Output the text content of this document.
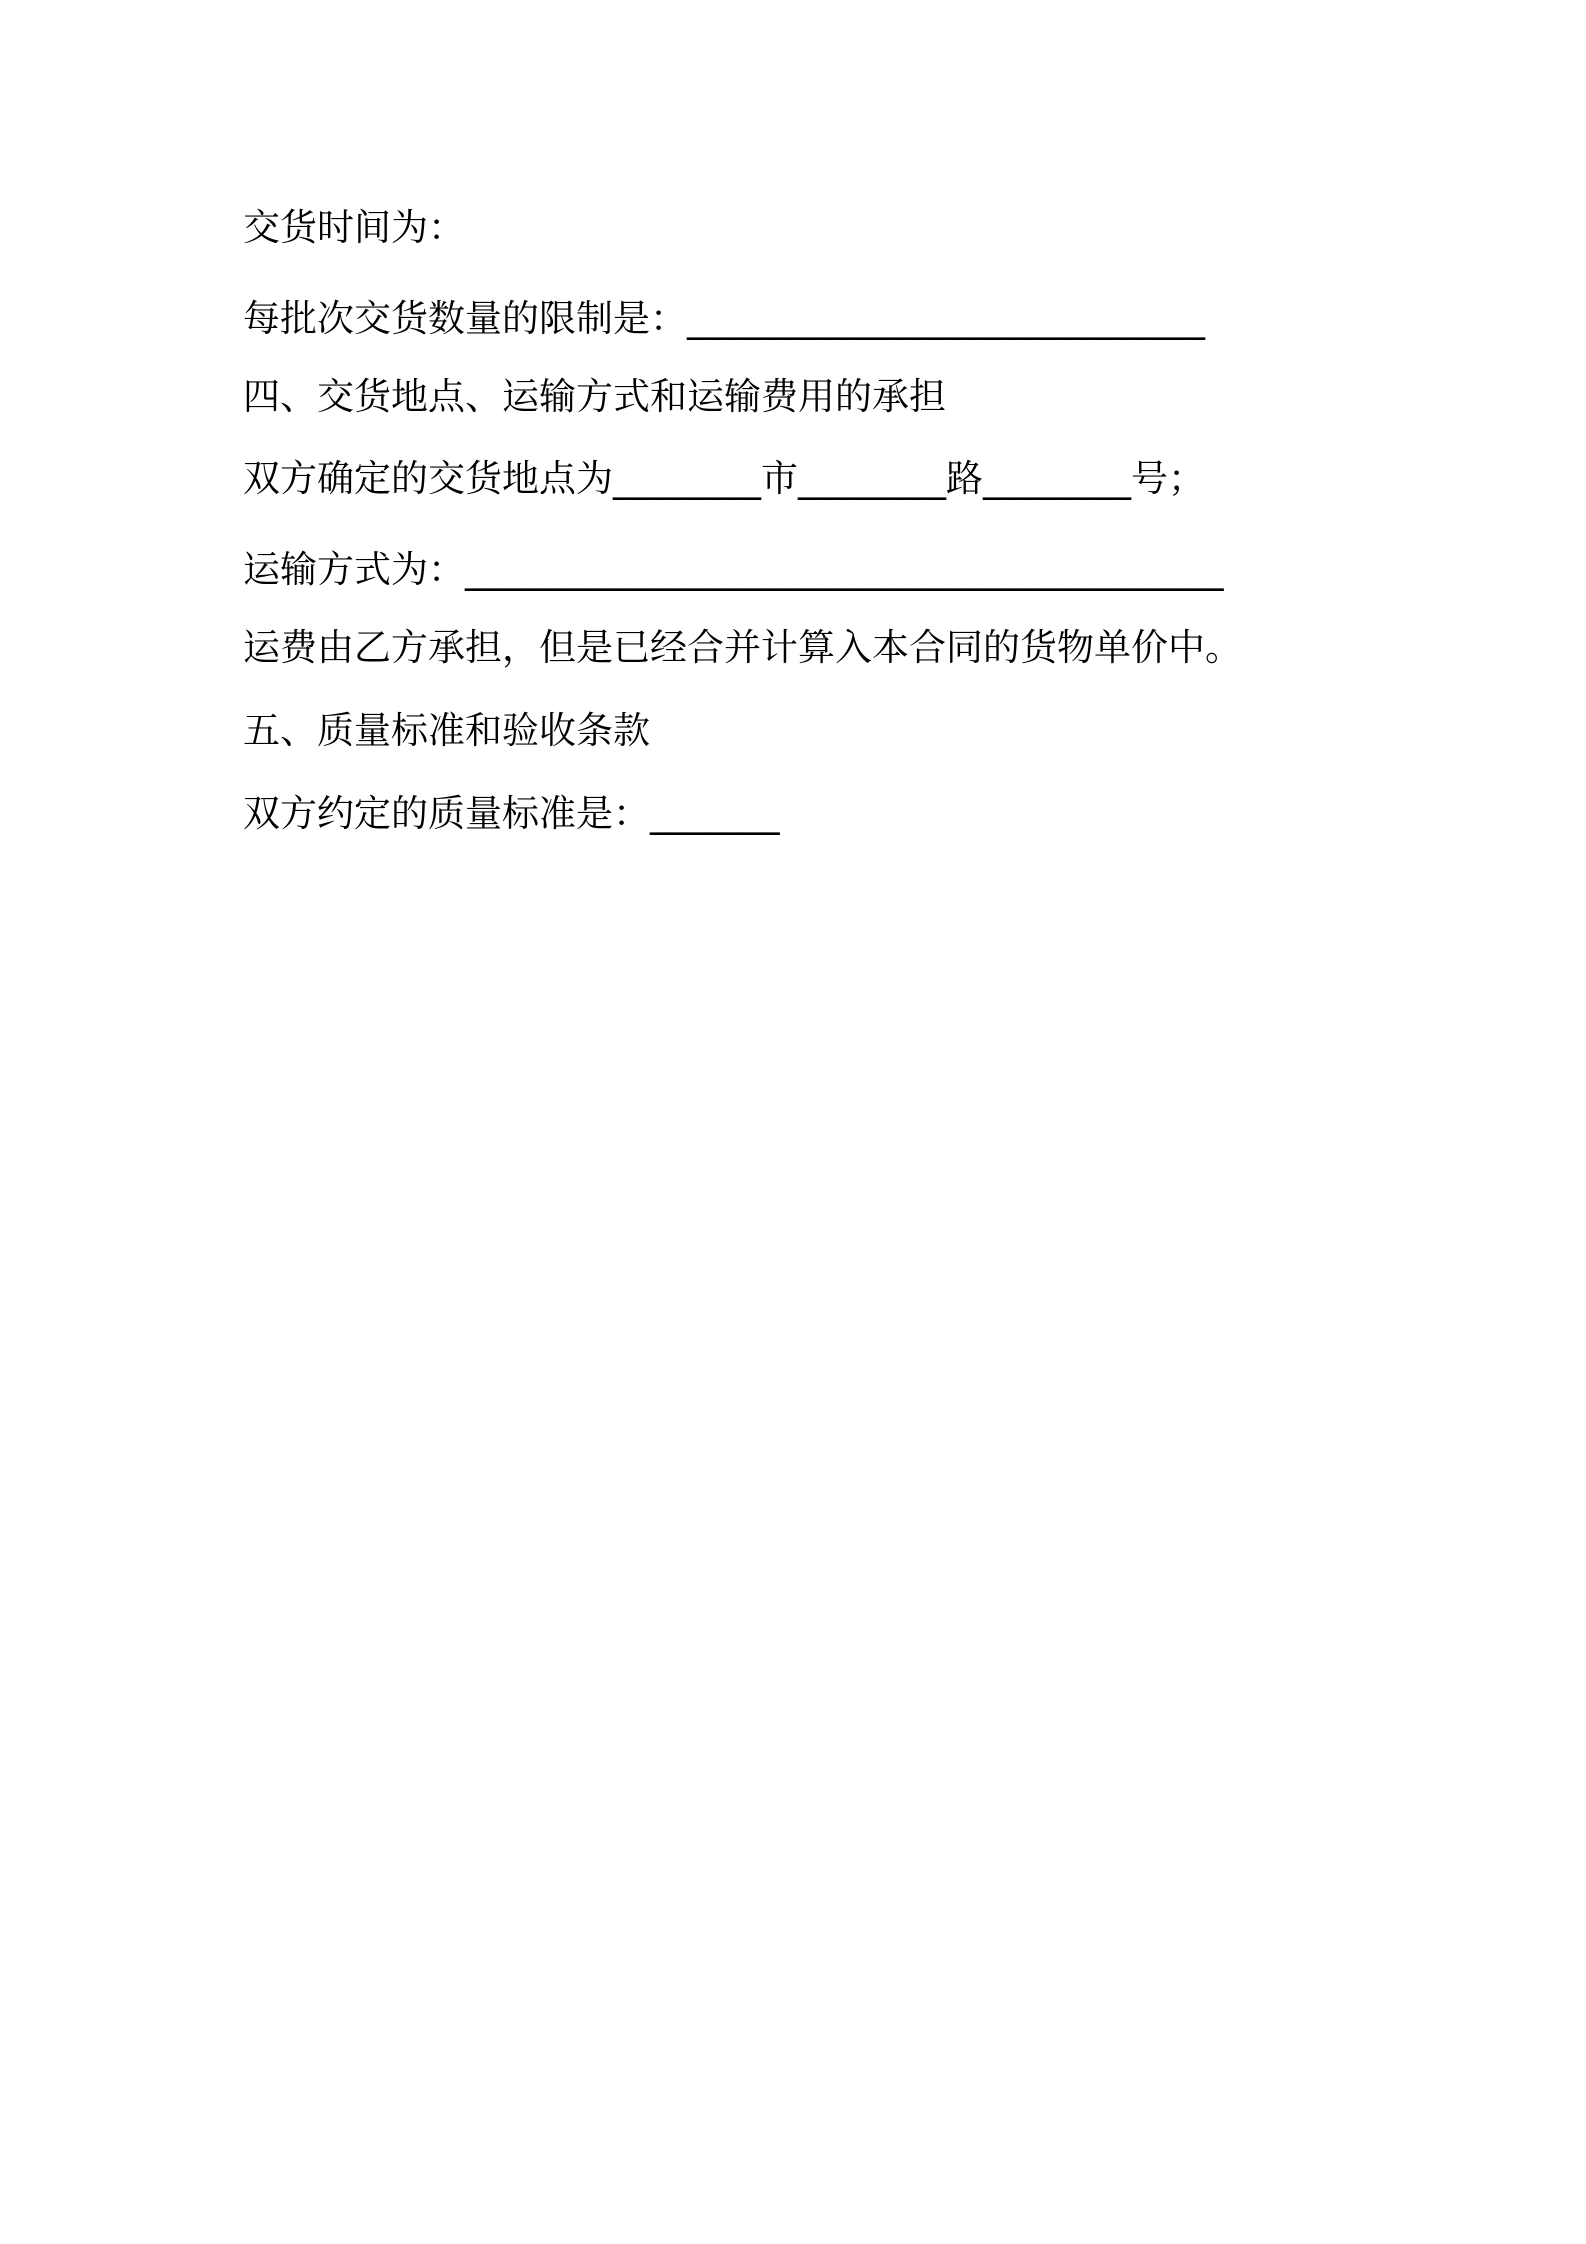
交货时间为：
每批次交货数量的限制是：____________________________
四、交货地点、运输方式和运输费用的承担
双方确定的交货地点为________市________路________号；
运输方式为：_________________________________________
运费由乙方承担，但是已经合并计算入本合同的货物单价中。
五、质量标准和验收条款
双方约定的质量标准是：_______
